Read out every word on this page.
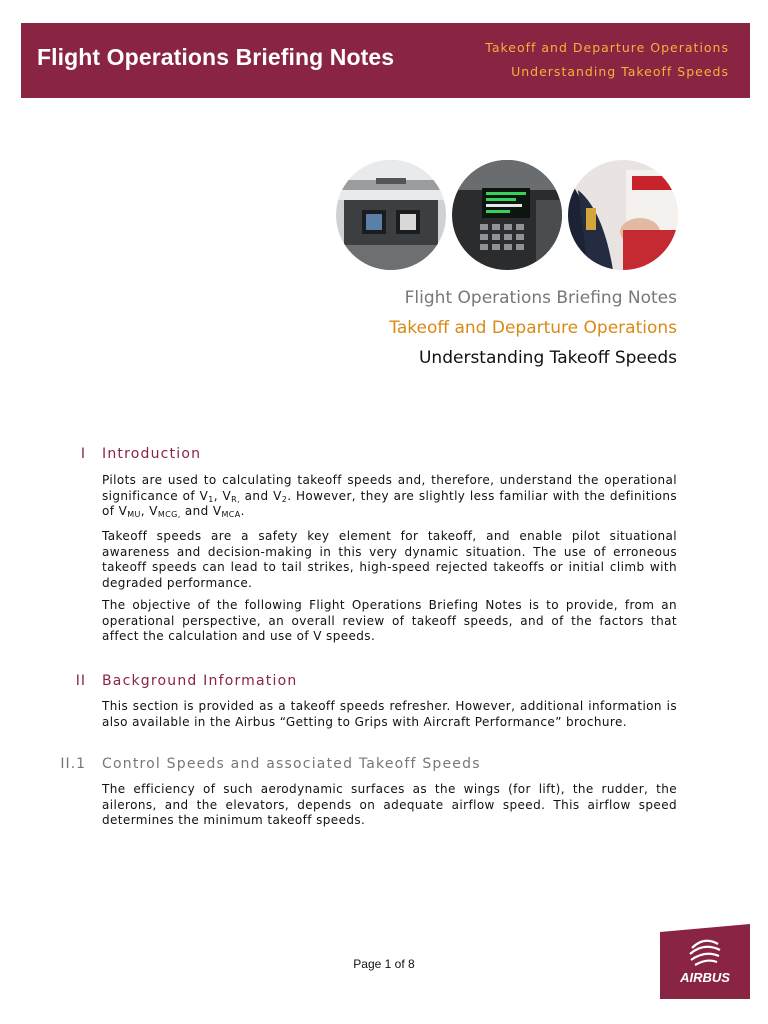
Flight Operations Briefing Notes	Takeoff and Departure Operations
Understanding Takeoff Speeds
Flight Operations Briefing Notes
Takeoff and Departure Operations
Understanding Takeoff Speeds
I Introduction
Pilots are used to calculating takeoff speeds and, therefore, understand the operational significance of $V_1$, $V_{R,}$ and $V_2$. However, they are slightly less familiar with the definitions of $V_{MU}$, $V_{MCG,}$ and $V_{MCA}$.
Takeoff speeds are a safety key element for takeoff, and enable pilot situational awareness and decision-making in this very dynamic situation. The use of erroneous takeoff speeds can lead to tail strikes, high-speed rejected takeoffs or initial climb with degraded performance.
The objective of the following Flight Operations Briefing Notes is to provide, from an operational perspective, an overall review of takeoff speeds, and of the factors that affect the calculation and use of V speeds.
II Background Information
This section is provided as a takeoff speeds refresher. However, additional information is also available in the Airbus “Getting to Grips with Aircraft Performance” brochure.
II.1 Control Speeds and associated Takeoff Speeds
The efficiency of such aerodynamic surfaces as the wings (for lift), the rudder, the ailerons, and the elevators, depends on adequate airflow speed. This airflow speed determines the minimum takeoff speeds.
Page 1 of 8
AIRBUS
